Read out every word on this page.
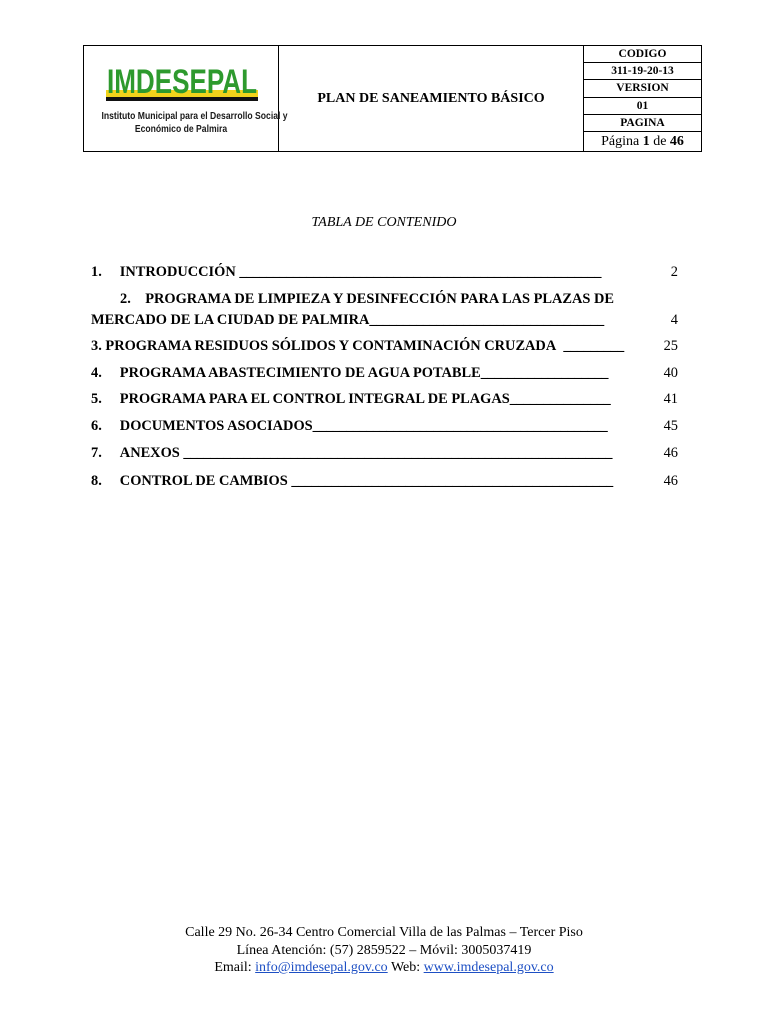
IMDESEPAL
Instituto Municipal para el Desarrollo Social y
Económico de Palmira
PLAN DE SANEAMIENTO BÁSICO
CODIGO
311-19-20-13
VERSION
01
PAGINA
Página 1 de 46
TABLA DE CONTENIDO
1. INTRODUCCIÓN ______________________________________________________	2
2. PROGRAMA DE LIMPIEZA Y DESINFECCIÓN PARA LAS PLAZAS DE
MERCADO DE LA CIUDAD DE PALMIRA___________________________________	4
3. PROGRAMA RESIDUOS SÓLIDOS Y CONTAMINACIÓN CRUZADA _________	25
4. PROGRAMA ABASTECIMIENTO DE AGUA POTABLE___________________	40
5. PROGRAMA PARA EL CONTROL INTEGRAL DE PLAGAS_______________	41
6. DOCUMENTOS ASOCIADOS____________________________________________	45
7. ANEXOS ________________________________________________________________	46
8. CONTROL DE CAMBIOS ________________________________________________	46
Calle 29 No. 26-34 Centro Comercial Villa de las Palmas – Tercer Piso
Línea Atención: (57) 2859522 – Móvil: 3005037419
Email: info@imdesepal.gov.co Web: www.imdesepal.gov.co
